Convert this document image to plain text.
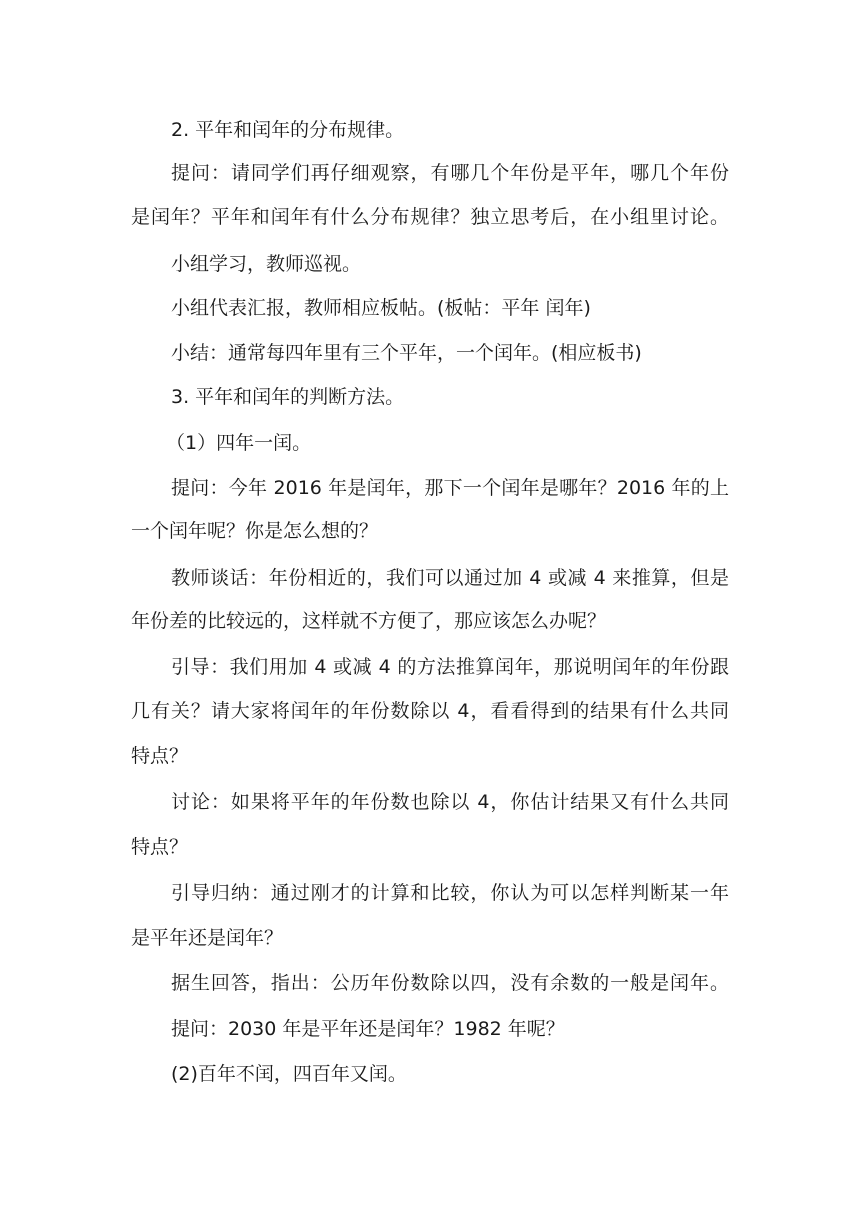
2. 平年和闰年的分布规律。
提问：请同学们再仔细观察，有哪几个年份是平年，哪几个年份
是闰年？平年和闰年有什么分布规律？独立思考后，在小组里讨论。
小组学习，教师巡视。
小组代表汇报，教师相应板帖。(板帖：平年 闰年)
小结：通常每四年里有三个平年，一个闰年。(相应板书)
3. 平年和闰年的判断方法。
（1）四年一闰。
提问：今年 2016 年是闰年，那下一个闰年是哪年？2016 年的上
一个闰年呢？你是怎么想的？
教师谈话：年份相近的，我们可以通过加 4 或减 4 来推算，但是
年份差的比较远的，这样就不方便了，那应该怎么办呢？
引导：我们用加 4 或减 4 的方法推算闰年，那说明闰年的年份跟
几有关？请大家将闰年的年份数除以 4，看看得到的结果有什么共同
特点？
讨论：如果将平年的年份数也除以 4，你估计结果又有什么共同
特点？
引导归纳：通过刚才的计算和比较，你认为可以怎样判断某一年
是平年还是闰年？
据生回答，指出：公历年份数除以四，没有余数的一般是闰年。
提问：2030 年是平年还是闰年？1982 年呢？
(2)百年不闰，四百年又闰。
